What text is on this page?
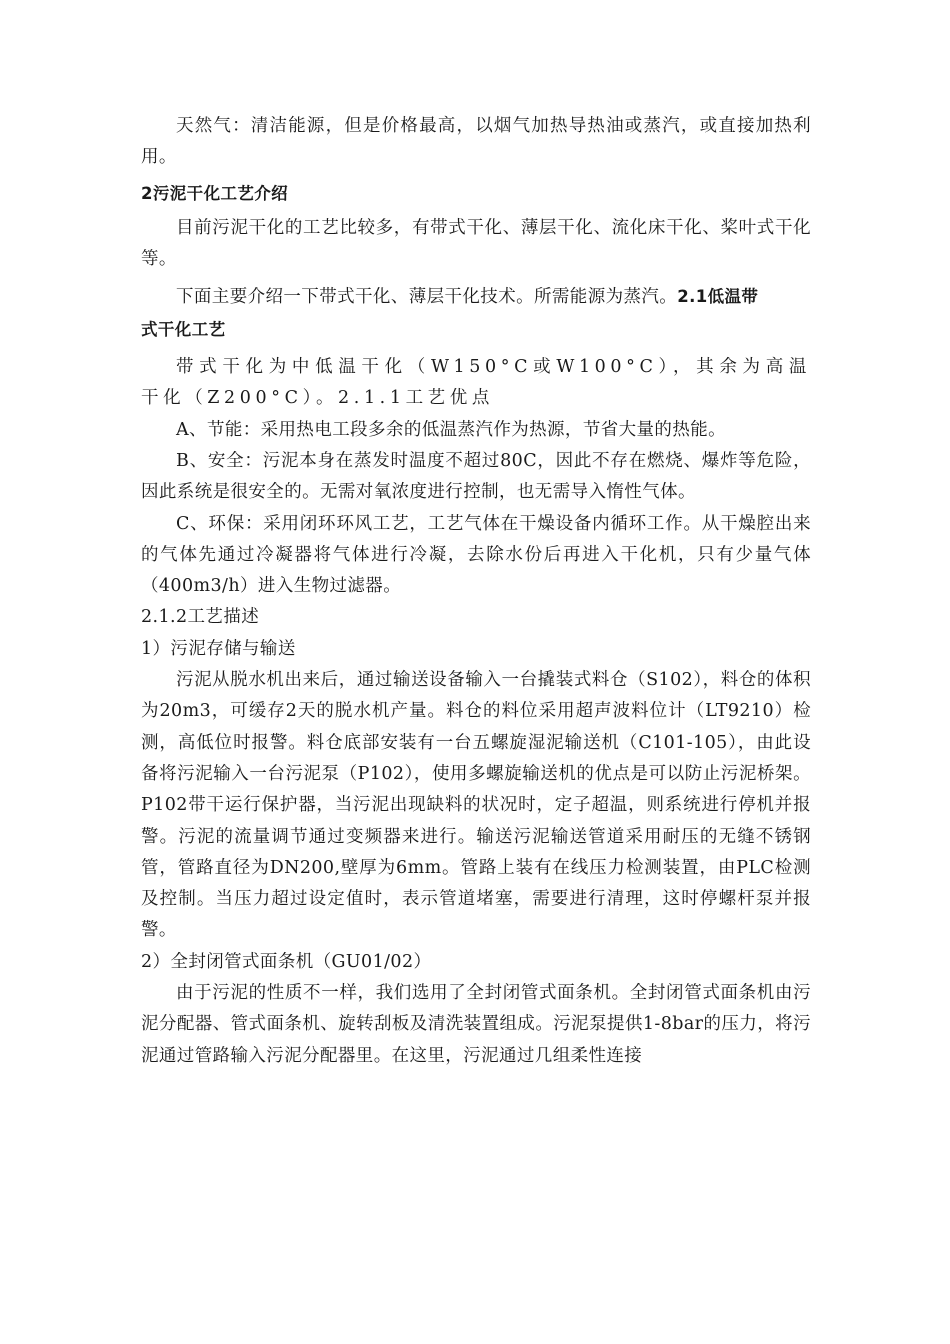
天然气：清洁能源，但是价格最高，以烟气加热导热油或蒸汽，或直接加热利用。

2污泥干化工艺介绍

目前污泥干化的工艺比较多，有带式干化、薄层干化、流化床干化、桨叶式干化等。

下面主要介绍一下带式干化、薄层干化技术。所需能源为蒸汽。2.1低温带
式干化工艺

带式干化为中低温干化（W150°C或W100°C），其余为高温干化（Z200°C）。2.1.1工艺优点

A、节能：采用热电工段多余的低温蒸汽作为热源，节省大量的热能。

B、安全：污泥本身在蒸发时温度不超过80C，因此不存在燃烧、爆炸等危险，因此系统是很安全的。无需对氧浓度进行控制，也无需导入惰性气体。

C、环保：采用闭环环风工艺，工艺气体在干燥设备内循环工作。从干燥腔出来的气体先通过冷凝器将气体进行冷凝，去除水份后再进入干化机，只有少量气体（400m3/h）进入生物过滤器。

2.1.2工艺描述

1）污泥存储与输送

污泥从脱水机出来后，通过输送设备输入一台撬装式料仓（S102），料仓的体积为20m3，可缓存2天的脱水机产量。料仓的料位采用超声波料位计（LT9210）检测，高低位时报警。料仓底部安装有一台五螺旋湿泥输送机（C101-105），由此设备将污泥输入一台污泥泵（P102），使用多螺旋输送机的优点是可以防止污泥桥架。P102带干运行保护器，当污泥出现缺料的状况时，定子超温，则系统进行停机并报警。污泥的流量调节通过变频器来进行。输送污泥输送管道采用耐压的无缝不锈钢管，管路直径为DN200,壁厚为6mm。管路上装有在线压力检测装置，由PLC检测及控制。当压力超过设定值时，表示管道堵塞，需要进行清理，这时停螺杆泵并报警。

2）全封闭管式面条机（GU01/02）

由于污泥的性质不一样，我们选用了全封闭管式面条机。全封闭管式面条机由污泥分配器、管式面条机、旋转刮板及清洗装置组成。污泥泵提供1-8bar的压力，将污泥通过管路输入污泥分配器里。在这里，污泥通过几组柔性连接
